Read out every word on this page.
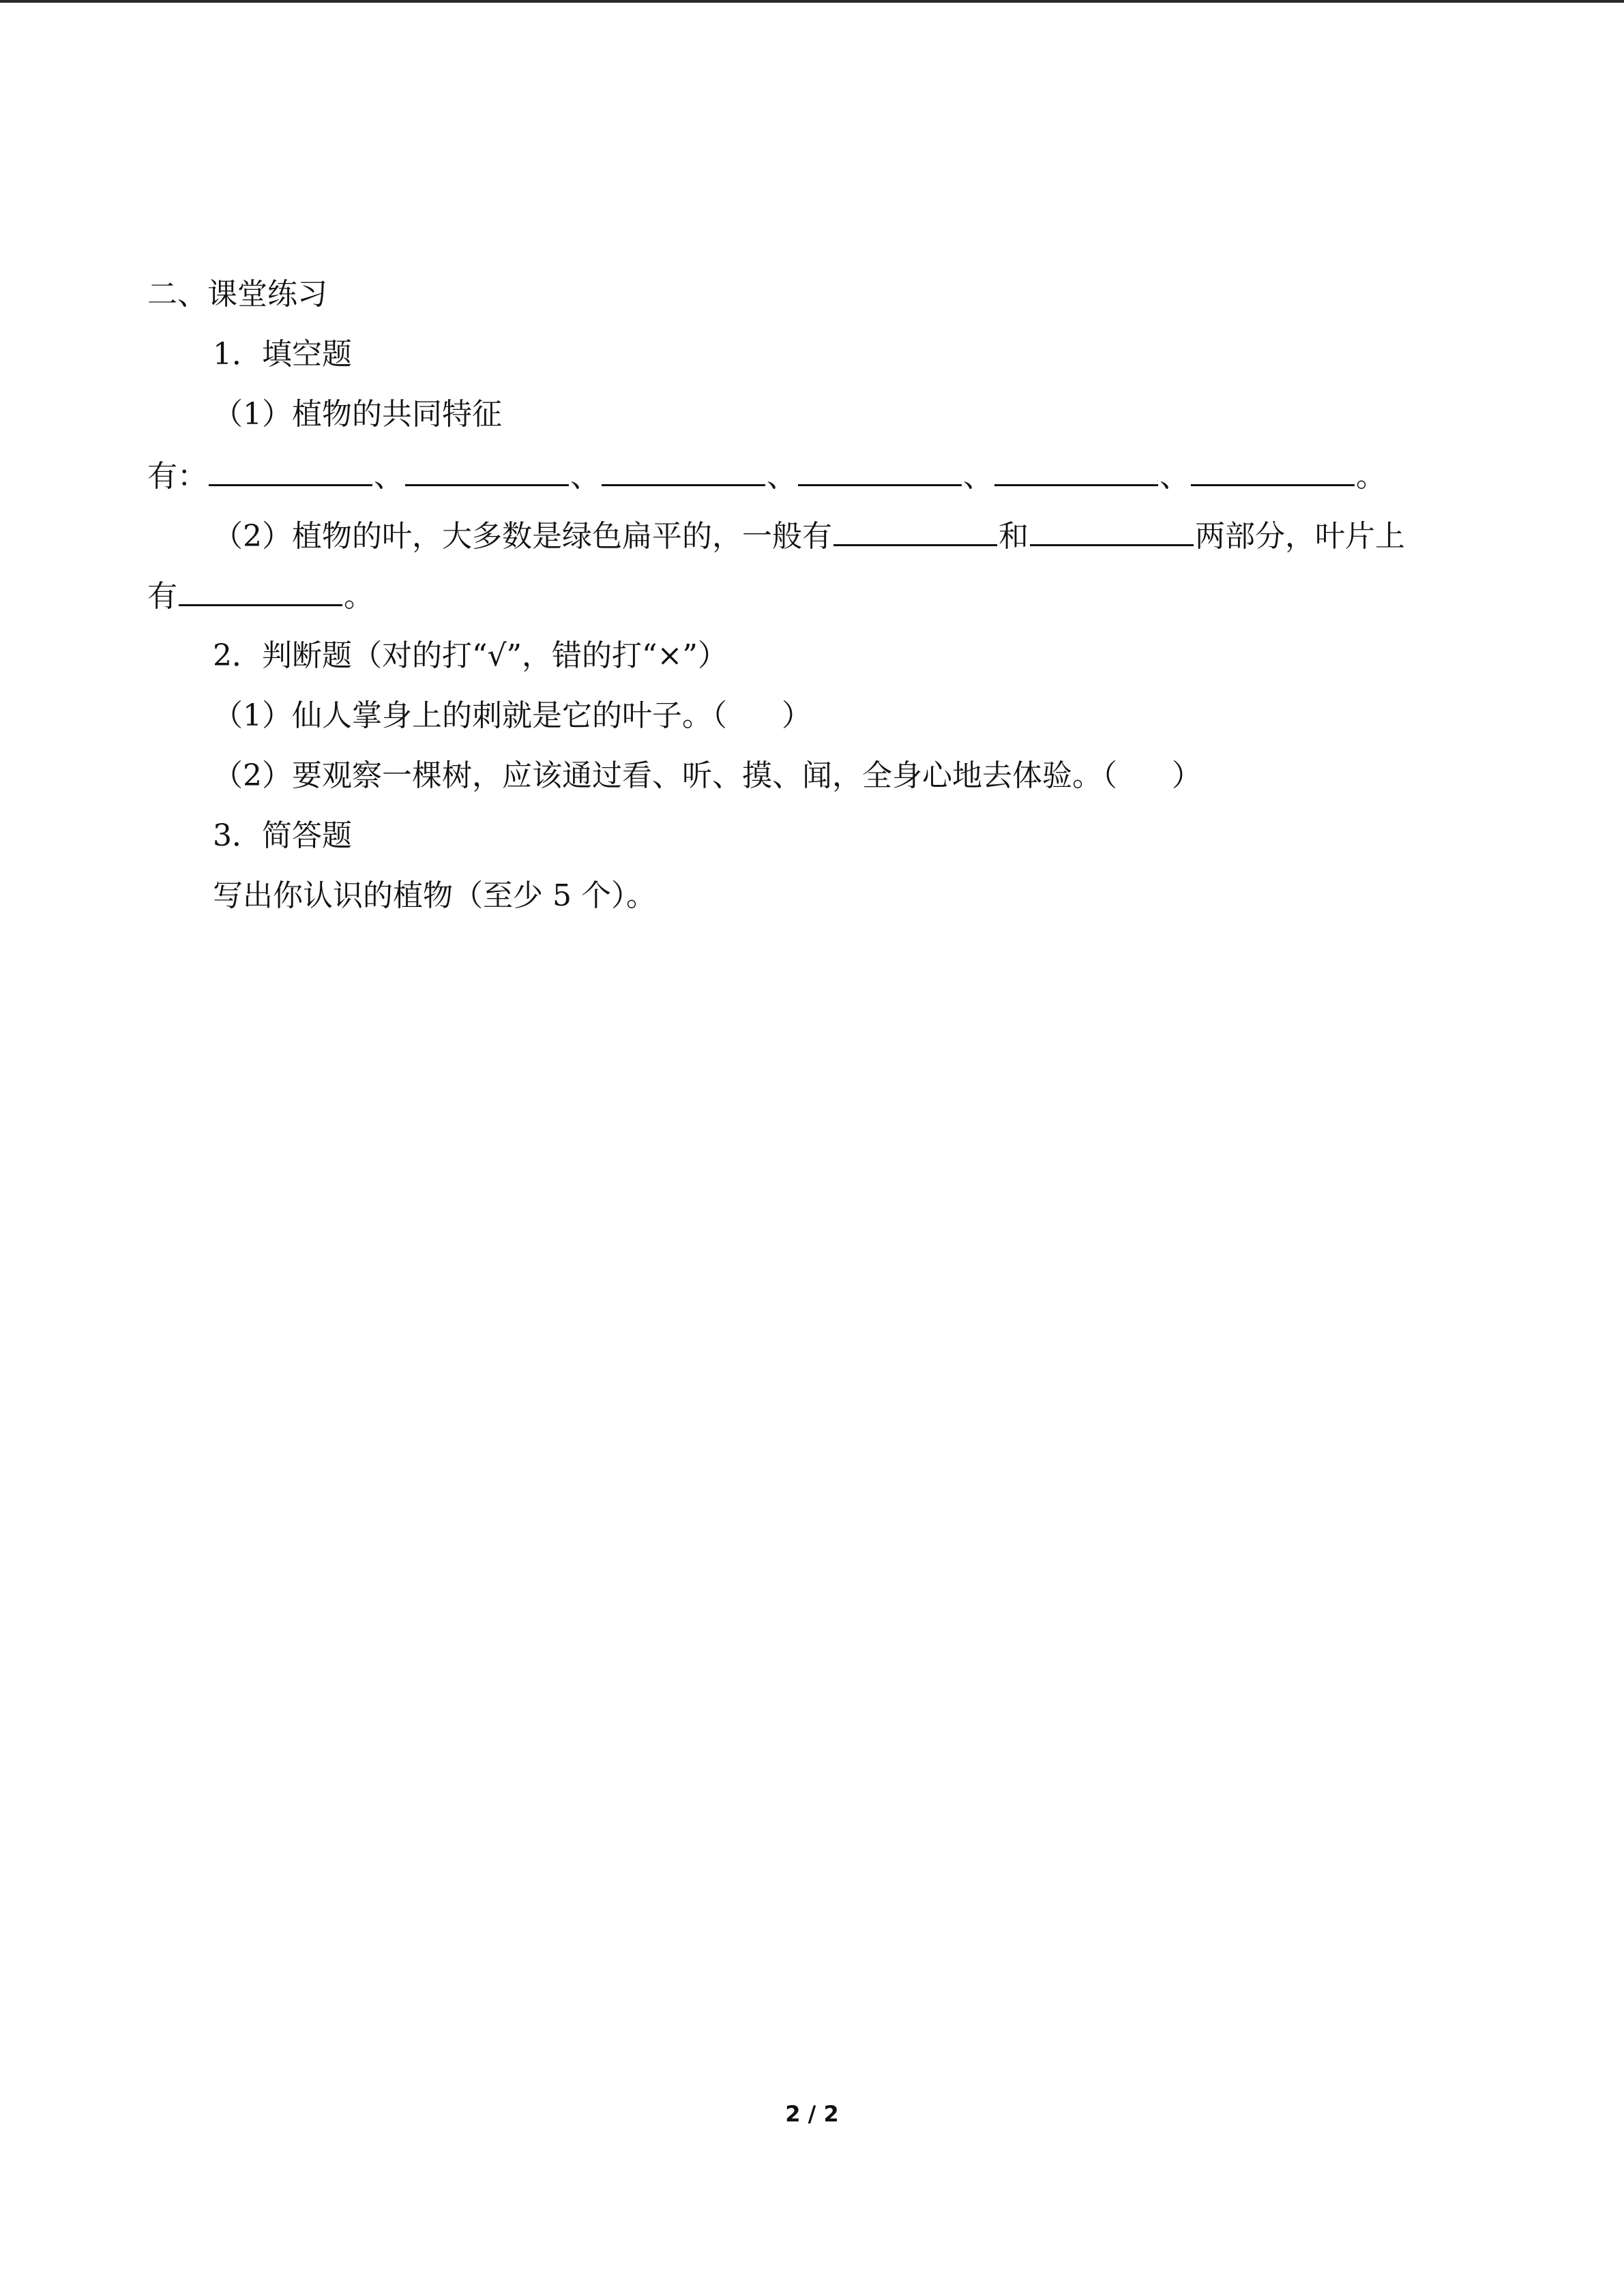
二、课堂练习
1．填空题
（1）植物的共同特征
有：	、	、	、	、	、	。
（2）植物的叶，大多数是绿色扁平的，一般有	和	两部分，叶片上
有	。
2．判断题（对的打“√”，错的打“×”）
（1）仙人掌身上的刺就是它的叶子。（ ）
（2）要观察一棵树，应该通过看、听、摸、闻，全身心地去体验。（ ）
3．简答题
写出你认识的植物（至少 5 个）。
2 / 2
